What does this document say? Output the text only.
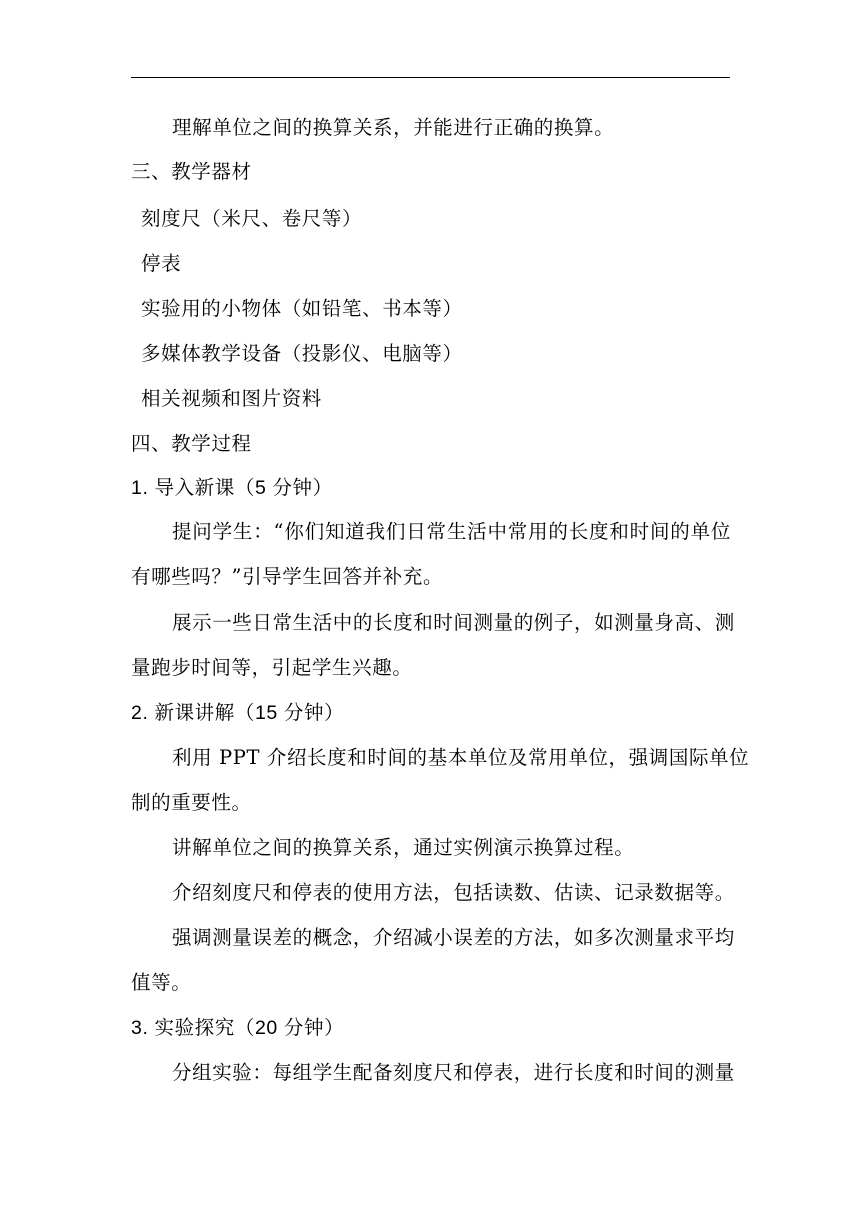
理解单位之间的换算关系，并能进行正确的换算。
三、教学器材
刻度尺（米尺、卷尺等）
停表
实验用的小物体（如铅笔、书本等）
多媒体教学设备（投影仪、电脑等）
相关视频和图片资料
四、教学过程
1. 导入新课（5 分钟）
提问学生：“你们知道我们日常生活中常用的长度和时间的单位
有哪些吗？”引导学生回答并补充。
展示一些日常生活中的长度和时间测量的例子，如测量身高、测
量跑步时间等，引起学生兴趣。
2. 新课讲解（15 分钟）
利用 PPT 介绍长度和时间的基本单位及常用单位，强调国际单位
制的重要性。
讲解单位之间的换算关系，通过实例演示换算过程。
介绍刻度尺和停表的使用方法，包括读数、估读、记录数据等。
强调测量误差的概念，介绍减小误差的方法，如多次测量求平均
值等。
3. 实验探究（20 分钟）
分组实验：每组学生配备刻度尺和停表，进行长度和时间的测量
